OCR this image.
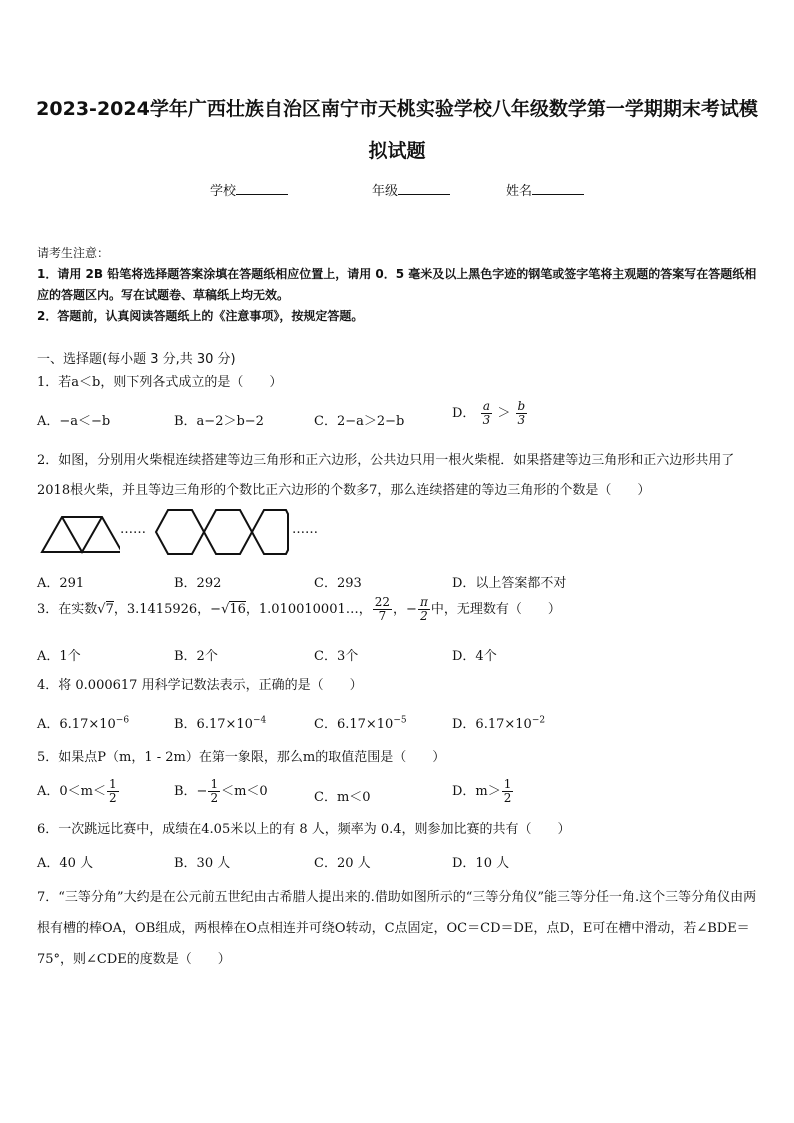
2023-2024学年广西壮族自治区南宁市天桃实验学校八年级数学第一学期期末考试模
拟试题
学校	年级	姓名
请考生注意：
1．请用 2B 铅笔将选择题答案涂填在答题纸相应位置上，请用 0．5 毫米及以上黑色字迹的钢笔或签字笔将主观题的答案写在答题纸相应的答题区内。写在试题卷、草稿纸上均无效。
2．答题前，认真阅读答题纸上的《注意事项》，按规定答题。
一、选择题(每小题 3 分,共 30 分)
1．若a＜b，则下列各式成立的是（　　）
A．−a＜−b	B．a−2＞b−2	C．2−a＞2−b
D． $\frac{a}{3} > \frac{b}{3}$
2．如图，分别用火柴棍连续搭建等边三角形和正六边形，公共边只用一根火柴棍．如果搭建等边三角形和正六边形共用了2018根火柴，并且等边三角形的个数比正六边形的个数多7，那么连续搭建的等边三角形的个数是（　　）
……	……
A．291	B．292	C．293	D．以上答案都不对
3．在实数√7，3.1415926，−√16，1.010010001…， $\frac{22}{7}$ ，− $\frac{\pi}{2}$ 中，无理数有（　　）
A．1个	B．2个	C．3个	D．4个
4．将 0.000617 用科学记数法表示，正确的是（　　）
A．$6.17\times 10^{-6}$	B．$6.17\times 10^{-4}$	C．$6.17\times 10^{-5}$	D．$6.17\times 10^{-2}$
5．如果点P（m，1 - 2m）在第一象限，那么m的取值范围是（　　）
A．$0<m< \frac{1}{2}$	B．− $\frac{1}{2} <m<0$	C．m＜0	D．$m> \frac{1}{2}$
6．一次跳远比赛中，成绩在4.05米以上的有 8 人，频率为 0.4，则参加比赛的共有（　　）
A．40 人	B．30 人	C．20 人	D．10 人
7．“三等分角”大约是在公元前五世纪由古希腊人提出来的.借助如图所示的“三等分角仪”能三等分任一角.这个三等分角仪由两根有槽的棒OA，OB组成，两根棒在O点相连并可绕O转动，C点固定，OC＝CD＝DE，点D，E可在槽中滑动，若∠BDE＝75°，则∠CDE的度数是（　　）
